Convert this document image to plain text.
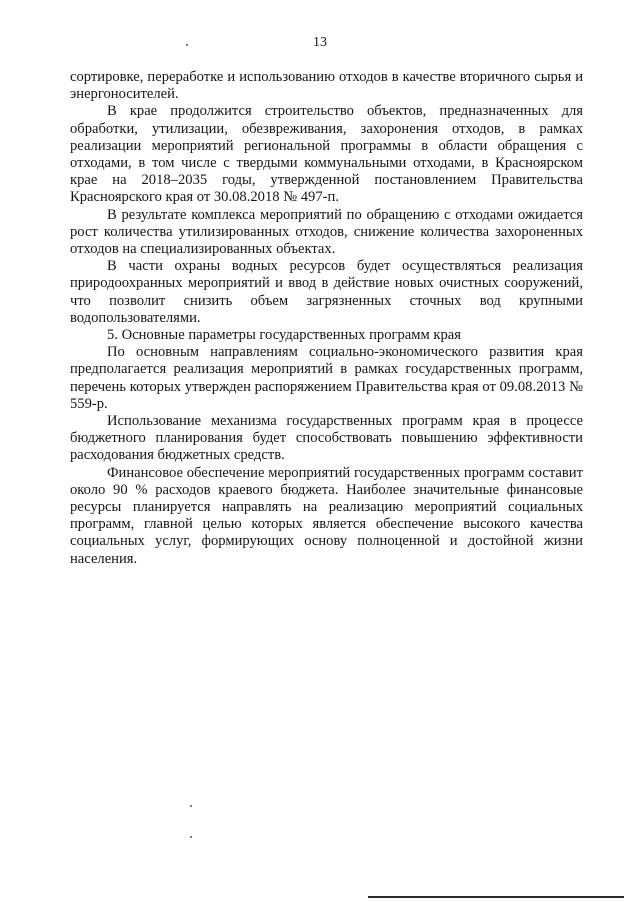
13

сортировке, переработке и использованию отходов в качестве вторичного сырья и энергоносителей.

В крае продолжится строительство объектов, предназначенных для обработки, утилизации, обезвреживания, захоронения отходов, в рамках реализации мероприятий региональной программы в области обращения с отходами, в том числе с твердыми коммунальными отходами, в Красноярском крае на 2018–2035 годы, утвержденной постановлением Правительства Красноярского края от 30.08.2018 № 497-п.

В результате комплекса мероприятий по обращению с отходами ожидается рост количества утилизированных отходов, снижение количества захороненных отходов на специализированных объектах.

В части охраны водных ресурсов будет осуществляться реализация природоохранных мероприятий и ввод в действие новых очистных сооружений, что позволит снизить объем загрязненных сточных вод крупными водопользователями.

5. Основные параметры государственных программ края

По основным направлениям социально-экономического развития края предполагается реализация мероприятий в рамках государственных программ, перечень которых утвержден распоряжением Правительства края от 09.08.2013 № 559-р.

Использование механизма государственных программ края в процессе бюджетного планирования будет способствовать повышению эффективности расходования бюджетных средств.

Финансовое обеспечение мероприятий государственных программ составит около 90 % расходов краевого бюджета. Наиболее значительные финансовые ресурсы планируется направлять на реализацию мероприятий социальных программ, главной целью которых является обеспечение высокого качества социальных услуг, формирующих основу полноценной и достойной жизни населения.
